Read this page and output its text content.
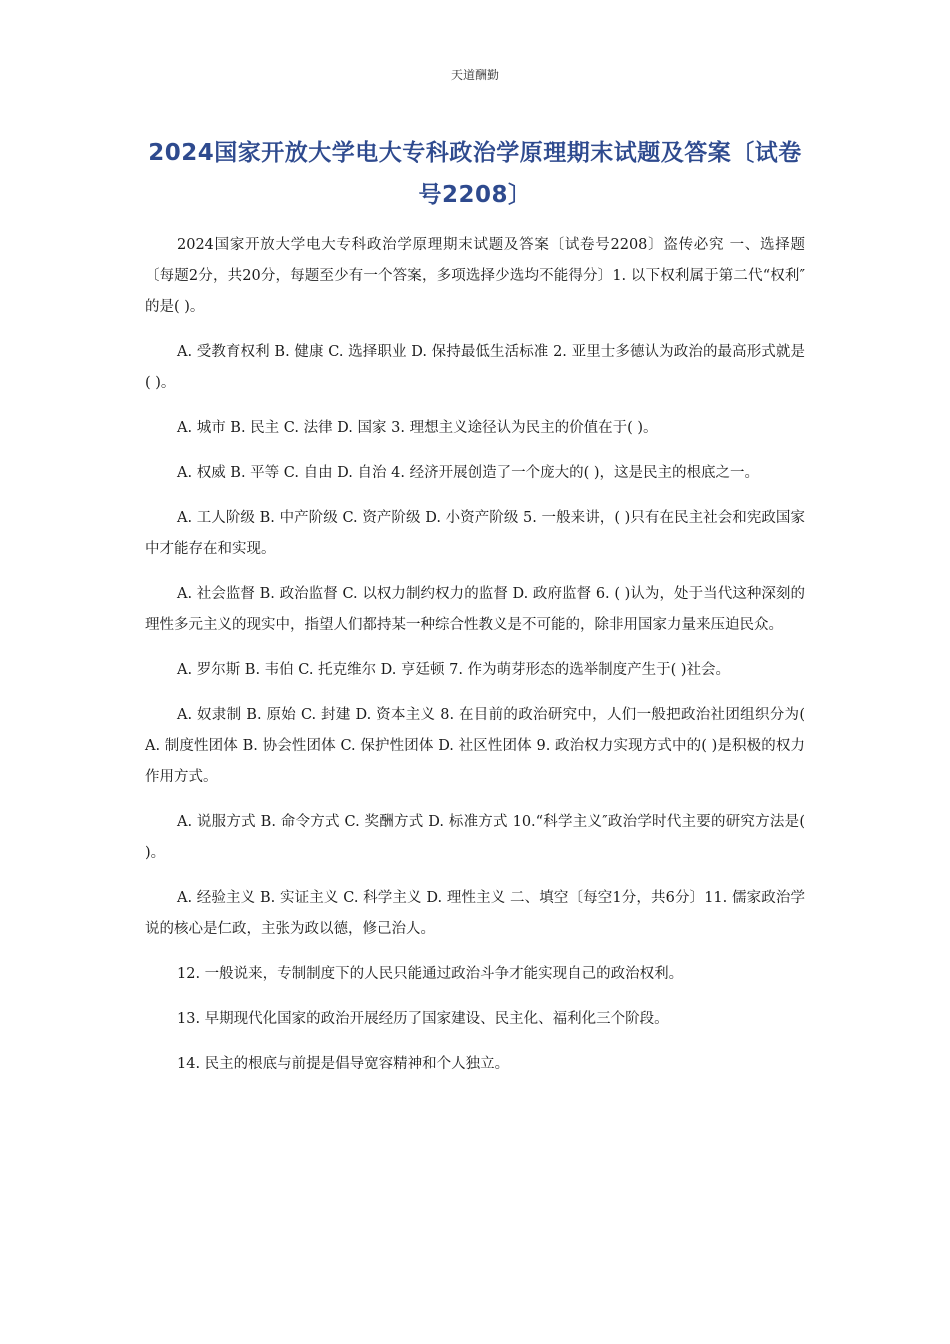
天道酬勤
2024国家开放大学电大专科政治学原理期末试题及答案〔试卷
号2208〕

2024国家开放大学电大专科政治学原理期末试题及答案〔试卷号2208〕盗传必究 一、选择题〔每题2分，共20分，每题至少有一个答案，多项选择少选均不能得分〕1. 以下权利属于第二代“权利″的是( )。

A. 受教育权利 B. 健康 C. 选择职业 D. 保持最低生活标准 2. 亚里士多德认为政治的最高形式就是( )。

A. 城市 B. 民主 C. 法律 D. 国家 3. 理想主义途径认为民主的价值在于( )。

A. 权威 B. 平等 C. 自由 D. 自治 4. 经济开展创造了一个庞大的( )，这是民主的根底之一。

A. 工人阶级 B. 中产阶级 C. 资产阶级 D. 小资产阶级 5. 一般来讲，( )只有在民主社会和宪政国家中才能存在和实现。

A. 社会监督 B. 政治监督 C. 以权力制约权力的监督 D. 政府监督 6. ( )认为，处于当代这种深刻的理性多元主义的现实中，指望人们都持某一种综合性教义是不可能的，除非用国家力量来压迫民众。

A. 罗尔斯 B. 韦伯 C. 托克维尔 D. 亨廷顿 7. 作为萌芽形态的选举制度产生于( )社会。

A. 奴隶制 B. 原始 C. 封建 D. 资本主义 8. 在目前的政治研究中，人们一般把政治社团组织分为( A. 制度性团体 B. 协会性团体 C. 保护性团体 D. 社区性团体 9. 政治权力实现方式中的( )是积极的权力作用方式。

A. 说服方式 B. 命令方式 C. 奖酬方式 D. 标准方式 10.“科学主义″政治学时代主要的研究方法是( )。

A. 经验主义 B. 实证主义 C. 科学主义 D. 理性主义 二、填空〔每空1分，共6分〕11. 儒家政治学说的核心是仁政，主张为政以德，修己治人。

12. 一般说来，专制制度下的人民只能通过政治斗争才能实现自己的政治权利。

13. 早期现代化国家的政治开展经历了国家建设、民主化、福利化三个阶段。

14. 民主的根底与前提是倡导宽容精神和个人独立。
